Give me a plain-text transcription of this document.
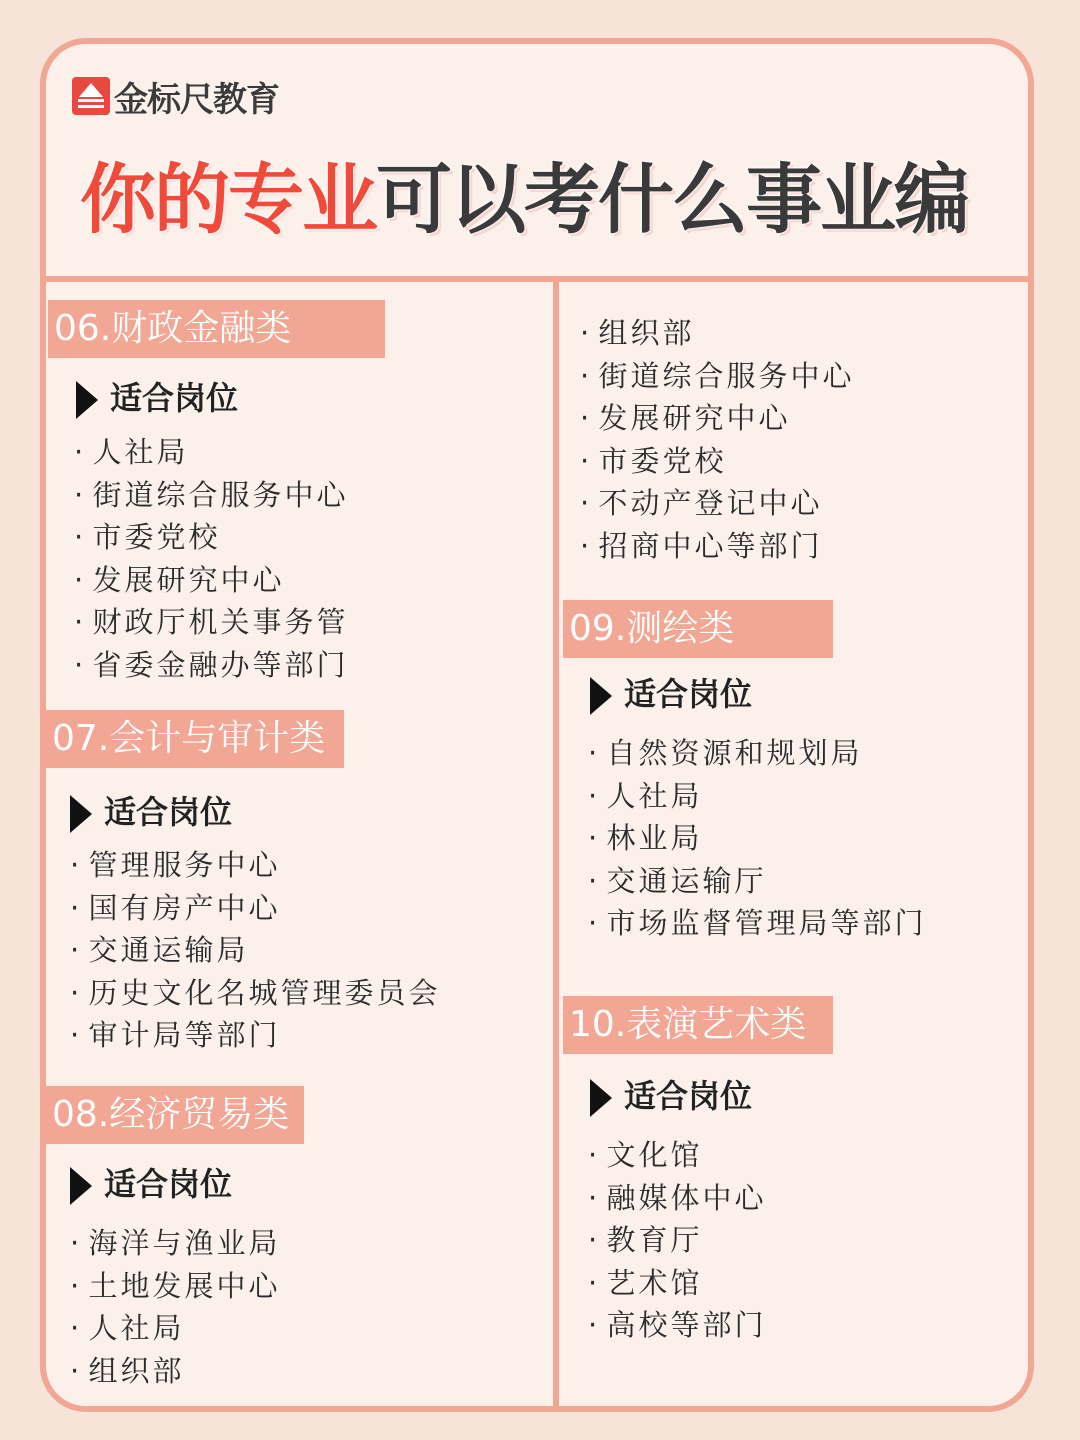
金标尺教育
你的专业可以考什么事业编
06.财政金融类
适合岗位
· 人社局
· 街道综合服务中心
· 市委党校
· 发展研究中心
· 财政厅机关事务管
· 省委金融办等部门
07.会计与审计类
适合岗位
· 管理服务中心
· 国有房产中心
· 交通运输局
· 历史文化名城管理委员会
· 审计局等部门
08.经济贸易类
适合岗位
· 海洋与渔业局
· 土地发展中心
· 人社局
· 组织部
· 组织部
· 街道综合服务中心
· 发展研究中心
· 市委党校
· 不动产登记中心
· 招商中心等部门
09.测绘类
适合岗位
· 自然资源和规划局
· 人社局
· 林业局
· 交通运输厅
· 市场监督管理局等部门
10.表演艺术类
适合岗位
· 文化馆
· 融媒体中心
· 教育厅
· 艺术馆
· 高校等部门
